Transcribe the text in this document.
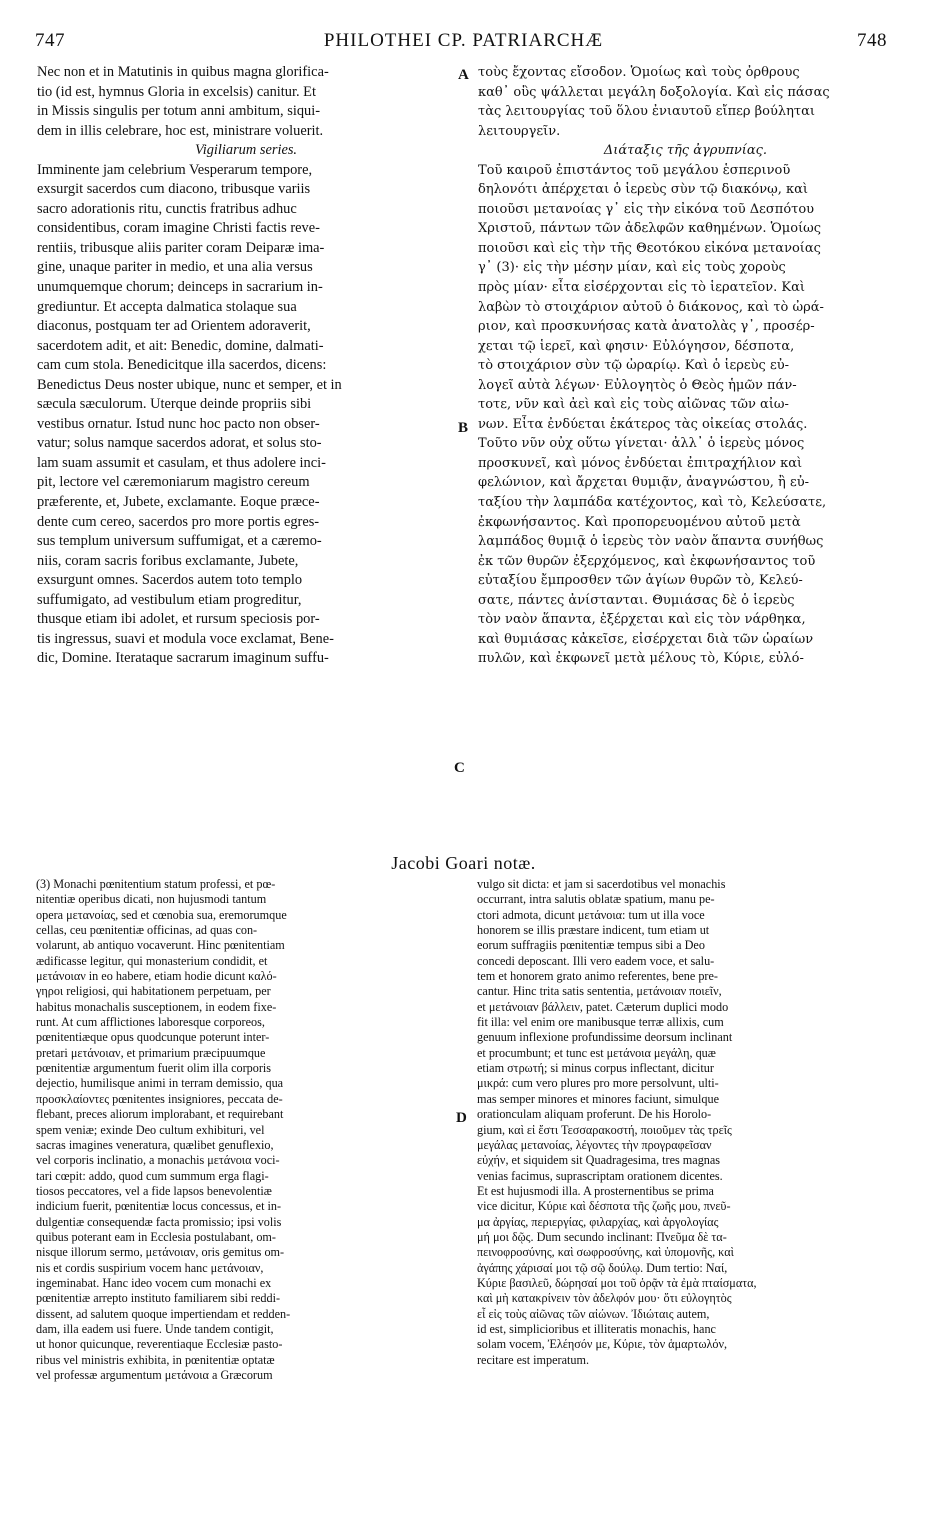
747	PHILOTHEI CP. PATRIARCHÆ	748
Nec non et in Matutinis in quibus magna glorifica-
tio (id est, hymnus Gloria in excelsis) canitur. Et
in Missis singulis per totum anni ambitum, siqui-
dem in illis celebrare, hoc est, ministrare voluerit.
Vigiliarum series.
Imminente jam celebrium Vesperarum tempore,
exsurgit sacerdos cum diacono, tribusque variis
sacro adorationis ritu, cunctis fratribus adhuc
considentibus, coram imagine Christi factis reve-
rentiis, tribusque aliis pariter coram Deiparæ ima-
gine, unaque pariter in medio, et una alia versus
unumquemque chorum; deinceps in sacrarium in-
grediuntur. Et accepta dalmatica stolaque sua
diaconus, postquam ter ad Orientem adoraverit,
sacerdotem adit, et ait: Benedic, domine, dalmati-
cam cum stola. Benedicitque illa sacerdos, dicens:
Benedictus Deus noster ubique, nunc et semper, et in
sæcula sæculorum. Uterque deinde propriis sibi
vestibus ornatur. Istud nunc hoc pacto non obser-
vatur; solus namque sacerdos adorat, et solus sto-
lam suam assumit et casulam, et thus adolere inci-
pit, lectore vel cæremoniarum magistro cereum
præferente, et, Jubete, exclamante. Eoque præce-
dente cum cereo, sacerdos pro more portis egres-
sus templum universum suffumigat, et a cæremo-
niis, coram sacris foribus exclamante, Jubete,
exsurgunt omnes. Sacerdos autem toto templo
suffumigato, ad vestibulum etiam progreditur,
thusque etiam ibi adolet, et rursum speciosis por-
tis ingressus, suavi et modula voce exclamat, Bene-
dic, Domine. Iterataque sacrarum imaginum suffu-
τοὺς ἔχοντας εἴσοδον. Ὁμοίως καὶ τοὺς ὀρθρους
καθ᾽ οὓς ψάλλεται μεγάλη δοξολογία. Καὶ εἰς πάσας
τὰς λειτουργίας τοῦ ὅλου ἐνιαυτοῦ εἴπερ βούληται
λειτουργεῖν.
Διάταξις τῆς ἀγρυπνίας.
Τοῦ καιροῦ ἐπιστάντος τοῦ μεγάλου ἑσπερινοῦ
δηλονότι ἀπέρχεται ὁ ἱερεὺς σὺν τῷ διακόνῳ, καὶ
ποιοῦσι μετανοίας γ᾽ εἰς τὴν εἰκόνα τοῦ Δεσπότου
Χριστοῦ, πάντων τῶν ἀδελφῶν καθημένων. Ὁμοίως
ποιοῦσι καὶ εἰς τὴν τῆς Θεοτόκου εἰκόνα μετανοίας
γ᾽ (3)· εἰς τὴν μέσην μίαν, καὶ εἰς τοὺς χοροὺς
πρὸς μίαν· εἶτα εἰσέρχονται εἰς τὸ ἱερατεῖον. Καὶ
λαβὼν τὸ στοιχάριον αὐτοῦ ὁ διάκονος, καὶ τὸ ὠρά-
ριον, καὶ προσκυνήσας κατὰ ἀνατολὰς γ᾽, προσέρ-
χεται τῷ ἱερεῖ, καὶ φησιν· Εὐλόγησον, δέσποτα,
τὸ στοιχάριον σὺν τῷ ὠραρίῳ. Καὶ ὁ ἱερεὺς εὐ-
λογεῖ αὐτὰ λέγων· Εὐλογητὸς ὁ Θεὸς ἡμῶν πάν-
τοτε, νῦν καὶ ἀεὶ καὶ εἰς τοὺς αἰῶνας τῶν αἰω-
νων. Εἶτα ἐνδύεται ἑκάτερος τὰς οἰκείας στολάς.
Τοῦτο νῦν οὐχ οὕτω γίνεται· ἀλλ᾽ ὁ ἱερεὺς μόνος
προσκυνεῖ, καὶ μόνος ἐνδύεται ἐπιτραχήλιον καὶ
φελώνιον, καὶ ἄρχεται θυμιᾷν, ἀναγνώστου, ἢ εὐ-
ταξίου τὴν λαμπάδα κατέχοντος, καὶ τὸ, Κελεύσατε,
ἐκφωνήσαντος. Καὶ προπορευομένου αὐτοῦ μετὰ
λαμπάδος θυμιᾷ ὁ ἱερεὺς τὸν ναὸν ἅπαντα συνήθως
ἐκ τῶν θυρῶν ἐξερχόμενος, καὶ ἐκφωνήσαντος τοῦ
εὐταξίου ἔμπροσθεν τῶν ἁγίων θυρῶν τὸ, Κελεύ-
σατε, πάντες ἀνίστανται. Θυμιάσας δὲ ὁ ἱερεὺς
τὸν ναὸν ἅπαντα, ἐξέρχεται καὶ εἰς τὸν νάρθηκα,
καὶ θυμιάσας κἀκεῖσε, εἰσέρχεται διὰ τῶν ὡραίων
πυλῶν, καὶ ἐκφωνεῖ μετὰ μέλους τὸ, Κύριε, εὐλό-
A
B
C
D
Jacobi Goari notæ.
(3) Monachi pœnitentium statum professi, et pœ-
nitentiæ operibus dicati, non hujusmodi tantum
opera μετανοίας, sed et cœnobia sua, eremorumque
cellas, ceu pœnitentiæ officinas, ad quas con-
volarunt, ab antiquo vocaverunt. Hinc pœnitentiam
ædificasse legitur, qui monasterium condidit, et
μετάνοιαν in eo habere, etiam hodie dicunt καλό-
γηροι religiosi, qui habitationem perpetuam, per
habitus monachalis susceptionem, in eodem fixe-
runt. At cum afflictiones laboresque corporeos,
pœnitentiæque opus quodcunque poterunt inter-
pretari μετάνοιαν, et primarium præcipuumque
pœnitentiæ argumentum fuerit olim illa corporis
dejectio, humilisque animi in terram demissio, qua
προσκλαίοντες pœnitentes insigniores, peccata de-
flebant, preces aliorum implorabant, et requirebant
spem veniæ; exinde Deo cultum exhibituri, vel
sacras imagines veneratura, quælibet genuflexio,
vel corporis inclinatio, a monachis μετάνοια voci-
tari cœpit: addo, quod cum summum erga flagi-
tiosos peccatores, vel a fide lapsos benevolentiæ
indicium fuerit, pœnitentiæ locus concessus, et in-
dulgentiæ consequendæ facta promissio; ipsi volis
quibus poterant eam in Ecclesia postulabant, om-
nisque illorum sermo, μετάνοιαν, oris gemitus om-
nis et cordis suspirium vocem hanc μετάνοιαν,
ingeminabat. Hanc ideo vocem cum monachi ex
pœnitentiæ arrepto instituto familiarem sibi reddi-
dissent, ad salutem quoque impertiendam et redden-
dam, illa eadem usi fuere. Unde tandem contigit,
ut honor quicunque, reverentiaque Ecclesiæ pasto-
ribus vel ministris exhibita, in pœnitentiæ optatæ
vel professæ argumentum μετάνοια a Græcorum
vulgo sit dicta: et jam si sacerdotibus vel monachis
occurrant, intra salutis oblatæ spatium, manu pe-
ctori admota, dicunt μετάνοια: tum ut illa voce
honorem se illis præstare indicent, tum etiam ut
eorum suffragiis pœnitentiæ tempus sibi a Deo
concedi deposcant. Illi vero eadem voce, et salu-
tem et honorem grato animo referentes, bene pre-
cantur. Hinc trita satis sententia, μετάνοιαν ποιεῖν,
et μετάνοιαν βάλλειν, patet. Cæterum duplici modo
fit illa: vel enim ore manibusque terræ allixis, cum
genuum inflexione profundissime deorsum inclinant
et procumbunt; et tunc est μετάνοια μεγάλη, quæ
etiam στρωτή; si minus corpus inflectant, dicitur
μικρά: cum vero plures pro more persolvunt, ulti-
mas semper minores et minores faciunt, simulque
orationculam aliquam proferunt. De his Horolo-
gium, καὶ εἰ ἔστι Τεσσαρακοστή, ποιοῦμεν τὰς τρεῖς
μεγάλας μετανοίας, λέγοντες τὴν προγραφεῖσαν
εὐχήν, et siquidem sit Quadragesima, tres magnas
venias facimus, suprascriptam orationem dicentes.
Et est hujusmodi illa. A prosternentibus se prima
vice dicitur, Κύριε καὶ δέσποτα τῆς ζωῆς μου, πνεῦ-
μα ἀργίας, περιεργίας, φιλαρχίας, καὶ ἀργολογίας
μή μοι δῷς. Dum secundo inclinant: Πνεῦμα δὲ τα-
πεινοφροσύνης, καὶ σωφροσύνης, καὶ ὑπομονῆς, καὶ
ἀγάπης χάρισαί μοι τῷ σῷ δούλῳ. Dum tertio: Ναί,
Κύριε βασιλεῦ, δώρησαί μοι τοῦ ὁρᾷν τὰ ἐμὰ πταίσματα,
καὶ μὴ κατακρίνειν τὸν ἀδελφόν μου· ὅτι εὐλογητὸς
εἶ εἰς τοὺς αἰῶνας τῶν αἰώνων. Ἰδιώταις autem,
id est, simplicioribus et illiteratis monachis, hanc
solam vocem, Ἐλέησόν με, Κύριε, τὸν ἁμαρτωλόν,
recitare est imperatum.
